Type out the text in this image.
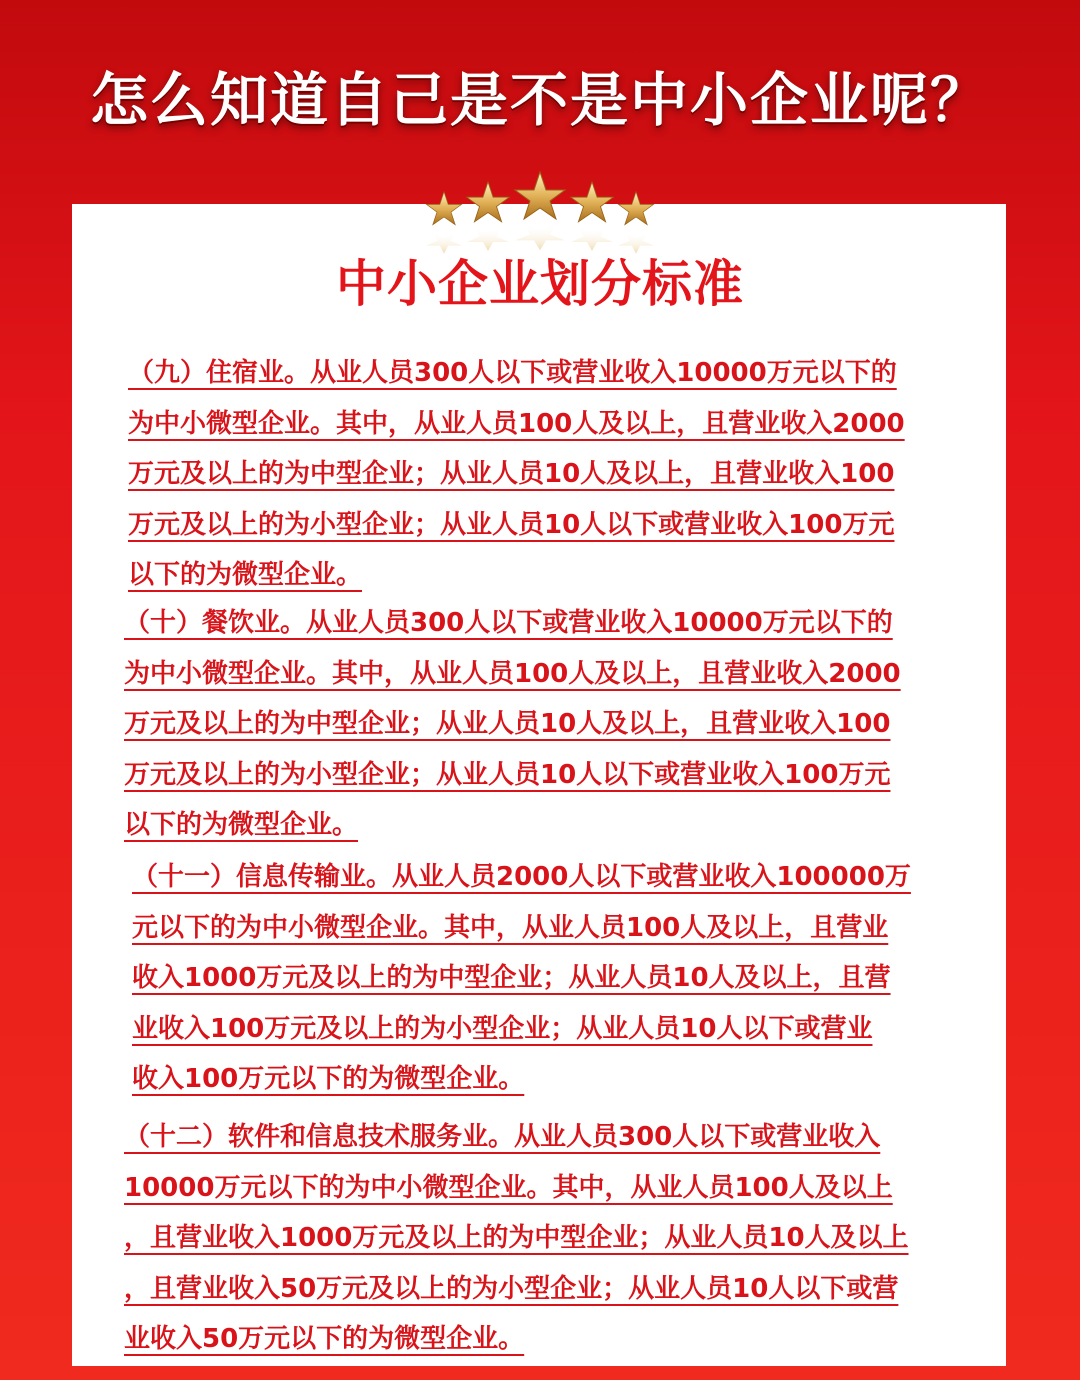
怎么知道自己是不是中小企业呢？
中小企业划分标准
（九）住宿业。从业人员300人以下或营业收入10000万元以下的
为中小微型企业。其中，从业人员100人及以上，且营业收入2000
万元及以上的为中型企业；从业人员10人及以上，且营业收入100
万元及以上的为小型企业；从业人员10人以下或营业收入100万元
以下的为微型企业。
（十）餐饮业。从业人员300人以下或营业收入10000万元以下的
为中小微型企业。其中，从业人员100人及以上，且营业收入2000
万元及以上的为中型企业；从业人员10人及以上，且营业收入100
万元及以上的为小型企业；从业人员10人以下或营业收入100万元
以下的为微型企业。
（十一）信息传输业。从业人员2000人以下或营业收入100000万
元以下的为中小微型企业。其中，从业人员100人及以上，且营业
收入1000万元及以上的为中型企业；从业人员10人及以上，且营
业收入100万元及以上的为小型企业；从业人员10人以下或营业
收入100万元以下的为微型企业。
（十二）软件和信息技术服务业。从业人员300人以下或营业收入
10000万元以下的为中小微型企业。其中，从业人员100人及以上
，且营业收入1000万元及以上的为中型企业；从业人员10人及以上
，且营业收入50万元及以上的为小型企业；从业人员10人以下或营
业收入50万元以下的为微型企业。
